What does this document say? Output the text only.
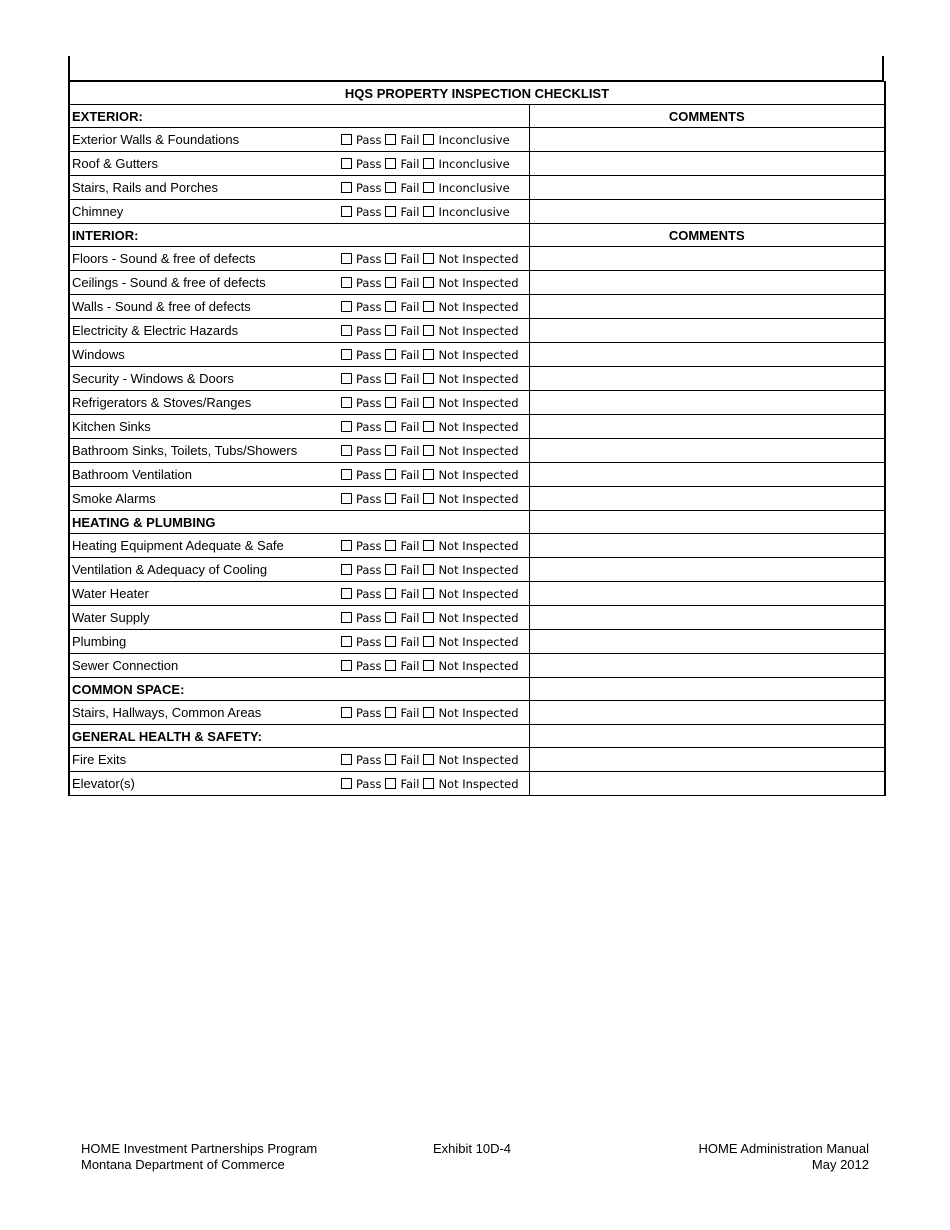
HQS PROPERTY INSPECTION CHECKLIST		
EXTERIOR:		COMMENTS
Exterior Walls & Foundations	Pass Fail Inconclusive	

Roof & Gutters	Pass Fail Inconclusive	

Stairs, Rails and Porches	Pass Fail Inconclusive	

Chimney	Pass Fail Inconclusive	

INTERIOR:		COMMENTS
Floors - Sound & free of defects	Pass Fail Not Inspected	

Ceilings - Sound & free of defects	Pass Fail Not Inspected	

Walls - Sound & free of defects	Pass Fail Not Inspected	

Electricity & Electric Hazards	Pass Fail Not Inspected	

Windows	Pass Fail Not Inspected	

Security - Windows & Doors	Pass Fail Not Inspected	

Refrigerators & Stoves/Ranges	Pass Fail Not Inspected	

Kitchen Sinks	Pass Fail Not Inspected	

Bathroom Sinks, Toilets, Tubs/Showers	Pass Fail Not Inspected	

Bathroom Ventilation	Pass Fail Not Inspected	

Smoke Alarms	Pass Fail Not Inspected	

HEATING & PLUMBING		
Heating Equipment Adequate & Safe	Pass Fail Not Inspected	

Ventilation & Adequacy of Cooling	Pass Fail Not Inspected	

Water Heater	Pass Fail Not Inspected	

Water Supply	Pass Fail Not Inspected	

Plumbing	Pass Fail Not Inspected	

Sewer Connection	Pass Fail Not Inspected	

COMMON SPACE:		
Stairs, Hallways, Common Areas	Pass Fail Not Inspected	

GENERAL HEALTH & SAFETY:		
Fire Exits	Pass Fail Not Inspected	

Elevator(s)	Pass Fail Not Inspected	

HOME Investment Partnerships Program
Montana Department of Commerce
Exhibit 10D-4	HOME Administration Manual
May 2012
